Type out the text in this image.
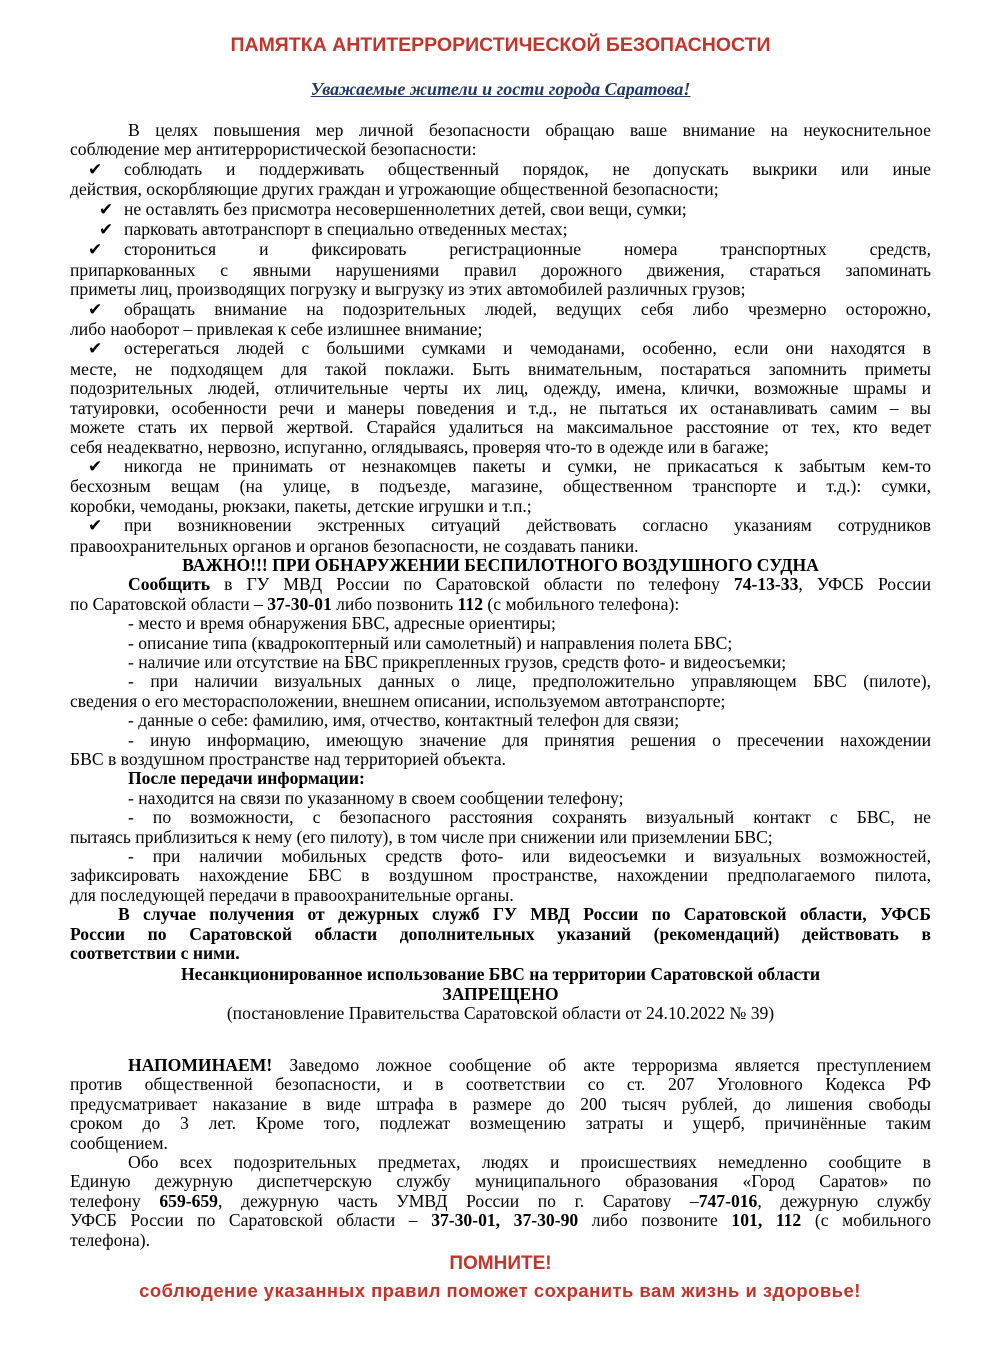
ПАМЯТКА АНТИТЕРРОРИСТИЧЕСКОЙ БЕЗОПАСНОСТИ
Уважаемые жители и гости города Саратова!
В целях повышения мер личной безопасности обращаю ваше внимание на неукоснительное
соблюдение мер антитеррористической безопасности:
✔ соблюдать и поддерживать общественный порядок, не допускать выкрики или иные
действия, оскорбляющие других граждан и угрожающие общественной безопасности;
✔ не оставлять без присмотра несовершеннолетних детей, свои вещи, сумки;
✔ парковать автотранспорт в специально отведенных местах;
✔ сторониться и фиксировать регистрационные номера транспортных средств,
припаркованных с явными нарушениями правил дорожного движения, стараться запоминать
приметы лиц, производящих погрузку и выгрузку из этих автомобилей различных грузов;
✔ обращать внимание на подозрительных людей, ведущих себя либо чрезмерно осторожно,
либо наоборот – привлекая к себе излишнее внимание;
✔ остерегаться людей с большими сумками и чемоданами, особенно, если они находятся в
месте, не подходящем для такой поклажи. Быть внимательным, постараться запомнить приметы
подозрительных людей, отличительные черты их лиц, одежду, имена, клички, возможные шрамы и
татуировки, особенности речи и манеры поведения и т.д., не пытаться их останавливать самим – вы
можете стать их первой жертвой. Старайся удалиться на максимальное расстояние от тех, кто ведет
себя неадекватно, нервозно, испуганно, оглядываясь, проверяя что-то в одежде или в багаже;
✔ никогда не принимать от незнакомцев пакеты и сумки, не прикасаться к забытым кем-то
бесхозным вещам (на улице, в подъезде, магазине, общественном транспорте и т.д.): сумки,
коробки, чемоданы, рюкзаки, пакеты, детские игрушки и т.п.;
✔ при возникновении экстренных ситуаций действовать согласно указаниям сотрудников
правоохранительных органов и органов безопасности, не создавать паники.
ВАЖНО!!! ПРИ ОБНАРУЖЕНИИ БЕСПИЛОТНОГО ВОЗДУШНОГО СУДНА
Сообщить в ГУ МВД России по Саратовской области по телефону 74-13-33, УФСБ России
по Саратовской области – 37-30-01 либо позвонить 112 (с мобильного телефона):
- место и время обнаружения БВС, адресные ориентиры;
- описание типа (квадрокоптерный или самолетный) и направления полета БВС;
- наличие или отсутствие на БВС прикрепленных грузов, средств фото- и видеосъемки;
- при наличии визуальных данных о лице, предположительно управляющем БВС (пилоте),
сведения о его месторасположении, внешнем описании, используемом автотранспорте;
- данные о себе: фамилию, имя, отчество, контактный телефон для связи;
- иную информацию, имеющую значение для принятия решения о пресечении нахождении
БВС в воздушном пространстве над территорией объекта.
После передачи информации:
- находится на связи по указанному в своем сообщении телефону;
- по возможности, с безопасного расстояния сохранять визуальный контакт с БВС, не
пытаясь приблизиться к нему (его пилоту), в том числе при снижении или приземлении БВС;
- при наличии мобильных средств фото- или видеосъемки и визуальных возможностей,
зафиксировать нахождение БВС в воздушном пространстве, нахождении предполагаемого пилота,
для последующей передачи в правоохранительные органы.
В случае получения от дежурных служб ГУ МВД России по Саратовской области, УФСБ
России по Саратовской области дополнительных указаний (рекомендаций) действовать в
соответствии с ними.
Несанкционированное использование БВС на территории Саратовской области
ЗАПРЕЩЕНО
(постановление Правительства Саратовской области от 24.10.2022 № 39)
НАПОМИНАЕМ! Заведомо ложное сообщение об акте терроризма является преступлением
против общественной безопасности, и в соответствии со ст. 207 Уголовного Кодекса РФ
предусматривает наказание в виде штрафа в размере до 200 тысяч рублей, до лишения свободы
сроком до 3 лет. Кроме того, подлежат возмещению затраты и ущерб, причинённые таким
сообщением.
Обо всех подозрительных предметах, людях и происшествиях немедленно сообщите в
Единую дежурную диспетчерскую службу муниципального образования «Город Саратов» по
телефону 659-659, дежурную часть УМВД России по г. Саратову –747-016, дежурную службу
УФСБ России по Саратовской области – 37-30-01, 37-30-90 либо позвоните 101, 112 (с мобильного
телефона).
ПОМНИТЕ!
соблюдение указанных правил поможет сохранить вам жизнь и здоровье!
